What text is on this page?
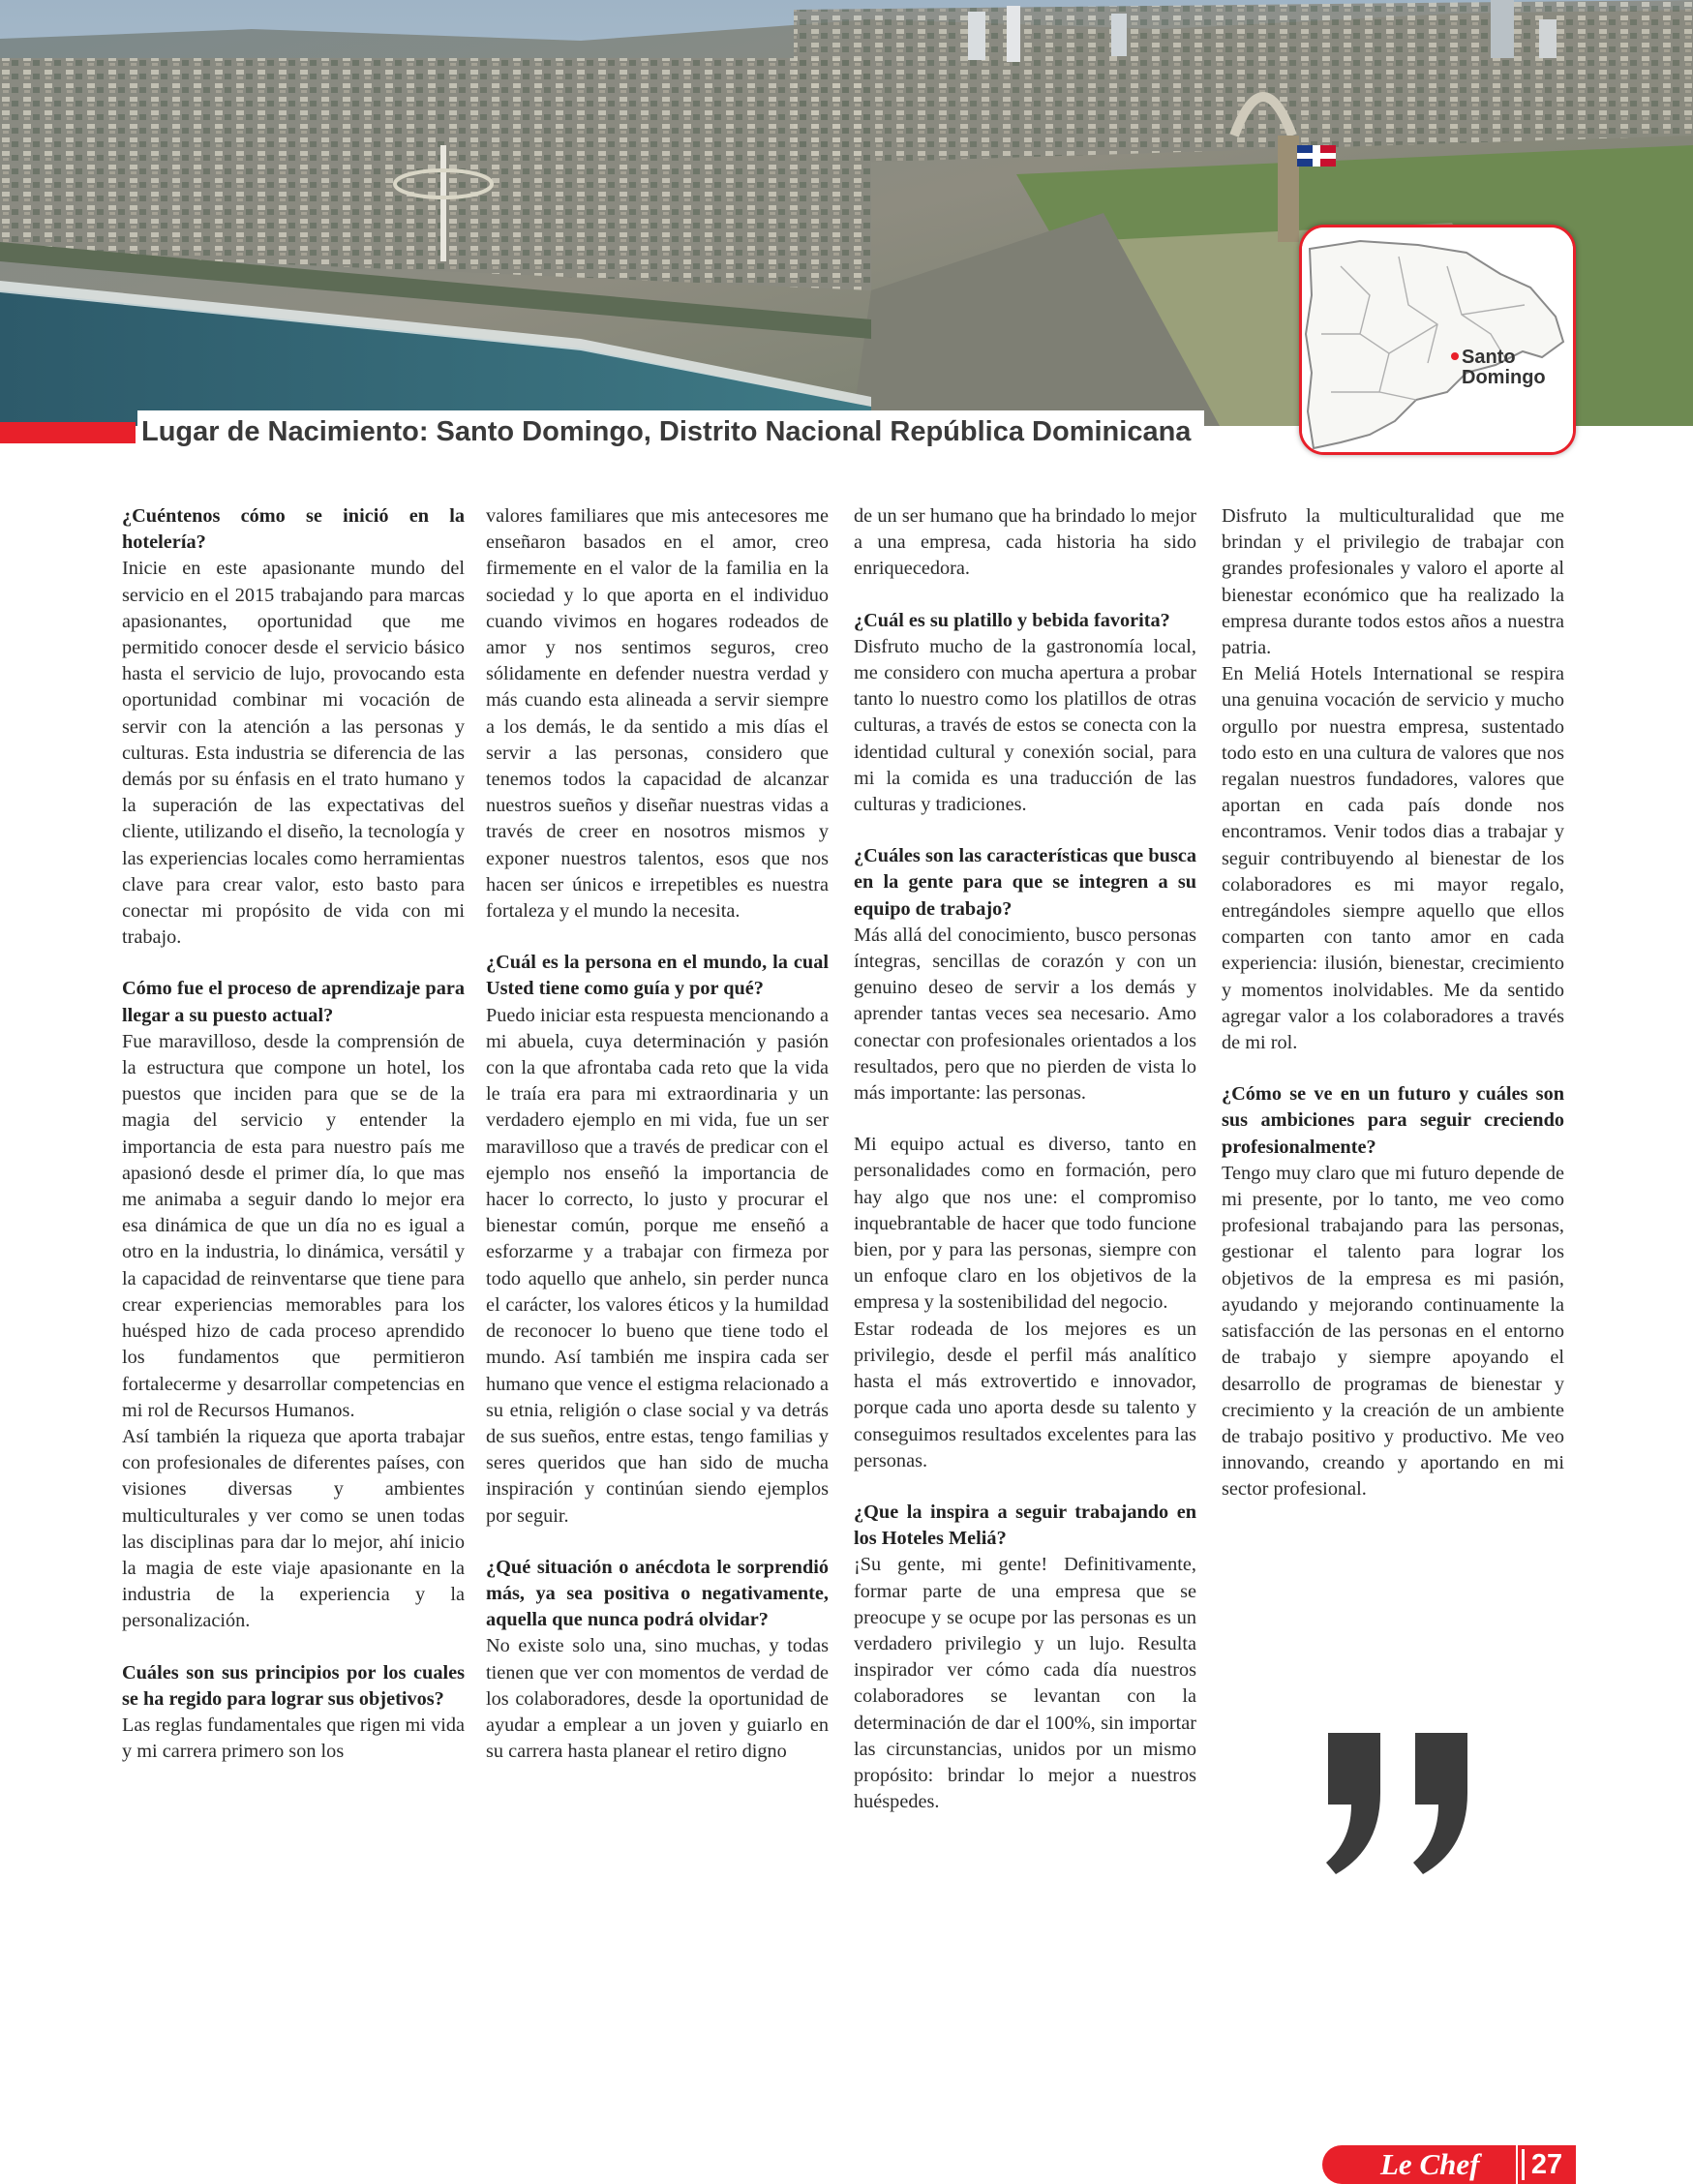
Lugar de Nacimiento: Santo Domingo, Distrito Nacional República Dominicana
Santo
Domingo

¿Cuéntenos cómo se inició en la hotelería?

Inicie en este apasionante mundo del servicio en el 2015 trabajando para marcas apasionantes, oportunidad que me permitido conocer desde el servicio básico hasta el servicio de lujo, provocando esta oportunidad combinar mi vocación de servir con la atención a las personas y culturas. Esta industria se diferencia de las demás por su énfasis en el trato humano y la superación de las expectativas del cliente, utilizando el diseño, la tecnología y las experiencias locales como herramientas clave para crear valor, esto basto para conectar mi propósito de vida con mi trabajo.

Cómo fue el proceso de aprendizaje para llegar a su puesto actual?

Fue maravilloso, desde la comprensión de la estructura que compone un hotel, los puestos que inciden para que se de la magia del servicio y entender la importancia de esta para nuestro país me apasionó desde el primer día, lo que mas me animaba a seguir dando lo mejor era esa dinámica de que un día no es igual a otro en la industria, lo dinámica, versátil y la capacidad de reinventarse que tiene para crear experiencias memorables para los huésped hizo de cada proceso aprendido los fundamentos que permitieron fortalecerme y desarrollar competencias en mi rol de Recursos Humanos.

Así también la riqueza que aporta trabajar con profesionales de diferentes países, con visiones diversas y ambientes multiculturales y ver como se unen todas las disciplinas para dar lo mejor, ahí inicio la magia de este viaje apasionante en la industria de la experiencia y la personalización.

Cuáles son sus principios por los cuales se ha regido para lograr sus objetivos?

Las reglas fundamentales que rigen mi vida y mi carrera primero son los

valores familiares que mis antecesores me enseñaron basados en el amor, creo firmemente en el valor de la familia en la sociedad y lo que aporta en el individuo cuando vivimos en hogares rodeados de amor y nos sentimos seguros, creo sólidamente en defender nuestra verdad y más cuando esta alineada a servir siempre a los demás, le da sentido a mis días el servir a las personas, considero que tenemos todos la capacidad de alcanzar nuestros sueños y diseñar nuestras vidas a través de creer en nosotros mismos y exponer nuestros talentos, esos que nos hacen ser únicos e irrepetibles es nuestra fortaleza y el mundo la necesita.

¿Cuál es la persona en el mundo, la cual Usted tiene como guía y por qué?

Puedo iniciar esta respuesta mencionando a mi abuela, cuya determinación y pasión con la que afrontaba cada reto que la vida le traía era para mi extraordinaria y un verdadero ejemplo en mi vida, fue un ser maravilloso que a través de predicar con el ejemplo nos enseñó la importancia de hacer lo correcto, lo justo y procurar el bienestar común, porque me enseñó a esforzarme y a trabajar con firmeza por todo aquello que anhelo, sin perder nunca el carácter, los valores éticos y la humildad de reconocer lo bueno que tiene todo el mundo. Así también me inspira cada ser humano que vence el estigma relacionado a su etnia, religión o clase social y va detrás de sus sueños, entre estas, tengo familias y seres queridos que han sido de mucha inspiración y continúan siendo ejemplos por seguir.

¿Qué situación o anécdota le sorprendió más, ya sea positiva o negativamente, aquella que nunca podrá olvidar?

No existe solo una, sino muchas, y todas tienen que ver con momentos de verdad de los colaboradores, desde la oportunidad de ayudar a emplear a un joven y guiarlo en su carrera hasta planear el retiro digno

de un ser humano que ha brindado lo mejor a una empresa, cada historia ha sido enriquecedora.

¿Cuál es su platillo y bebida favorita?

Disfruto mucho de la gastronomía local, me considero con mucha apertura a probar tanto lo nuestro como los platillos de otras culturas, a través de estos se conecta con la identidad cultural y conexión social, para mi la comida es una traducción de las culturas y tradiciones.

¿Cuáles son las características que busca en la gente para que se integren a su equipo de trabajo?

Más allá del conocimiento, busco personas íntegras, sencillas de corazón y con un genuino deseo de servir a los demás y aprender tantas veces sea necesario. Amo conectar con profesionales orientados a los resultados, pero que no pierden de vista lo más importante: las personas.

Mi equipo actual es diverso, tanto en personalidades como en formación, pero hay algo que nos une: el compromiso inquebrantable de hacer que todo funcione bien, por y para las personas, siempre con un enfoque claro en los objetivos de la empresa y la sostenibilidad del negocio.

Estar rodeada de los mejores es un privilegio, desde el perfil más analítico hasta el más extrovertido e innovador, porque cada uno aporta desde su talento y conseguimos resultados excelentes para las personas.

¿Que la inspira a seguir trabajando en los Hoteles Meliá?

¡Su gente, mi gente! Definitivamente, formar parte de una empresa que se preocupe y se ocupe por las personas es un verdadero privilegio y un lujo. Resulta inspirador ver cómo cada día nuestros colaboradores se levantan con la determinación de dar el 100%, sin importar las circunstancias, unidos por un mismo propósito: brindar lo mejor a nuestros huéspedes.

Disfruto la multiculturalidad que me brindan y el privilegio de trabajar con grandes profesionales y valoro el aporte al bienestar económico que ha realizado la empresa durante todos estos años a nuestra patria.

En Meliá Hotels International se respira una genuina vocación de servicio y mucho orgullo por nuestra empresa, sustentado todo esto en una cultura de valores que nos regalan nuestros fundadores, valores que aportan en cada país donde nos encontramos. Venir todos dias a trabajar y seguir contribuyendo al bienestar de los colaboradores es mi mayor regalo, entregándoles siempre aquello que ellos comparten con tanto amor en cada experiencia: ilusión, bienestar, crecimiento y momentos inolvidables. Me da sentido agregar valor a los colaboradores a través de mi rol.

¿Cómo se ve en un futuro y cuáles son sus ambiciones para seguir creciendo profesionalmente?

Tengo muy claro que mi futuro depende de mi presente, por lo tanto, me veo como profesional trabajando para las personas, gestionar el talento para lograr los objetivos de la empresa es mi pasión, ayudando y mejorando continuamente la satisfacción de las personas en el entorno de trabajo y siempre apoyando el desarrollo de programas de bienestar y crecimiento y la creación de un ambiente de trabajo positivo y productivo. Me veo innovando, creando y aportando en mi sector profesional.

Le Chef	27
